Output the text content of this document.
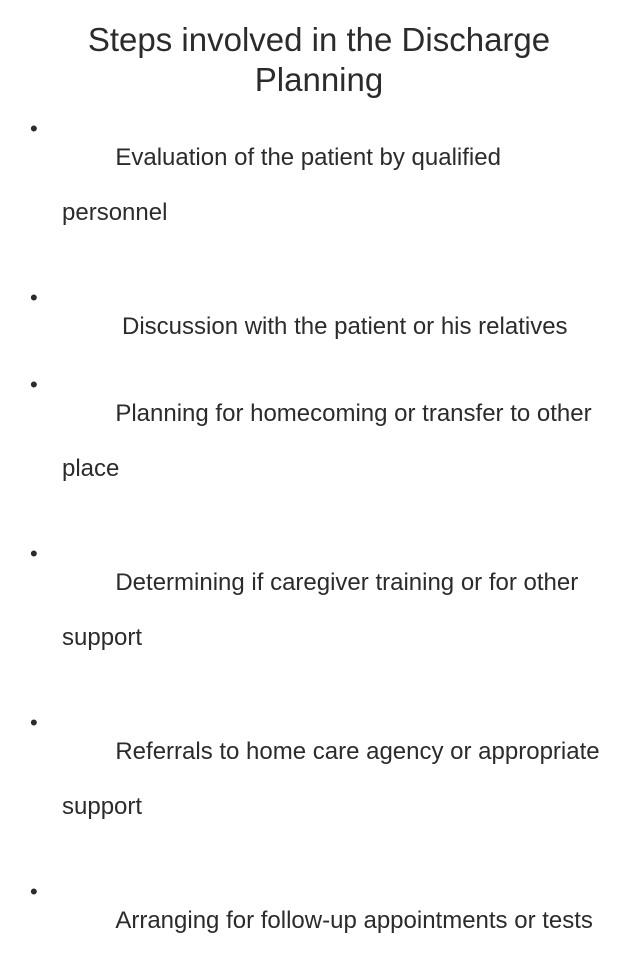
Steps involved in the Discharge
Planning
•

Evaluation of the patient by qualified

personnel

•

Discussion with the patient or his relatives

•

Planning for homecoming or transfer to other

place

•

Determining if caregiver training or for other

support

•

Referrals to home care agency or appropriate

support

•

Arranging for follow-up appointments or tests
